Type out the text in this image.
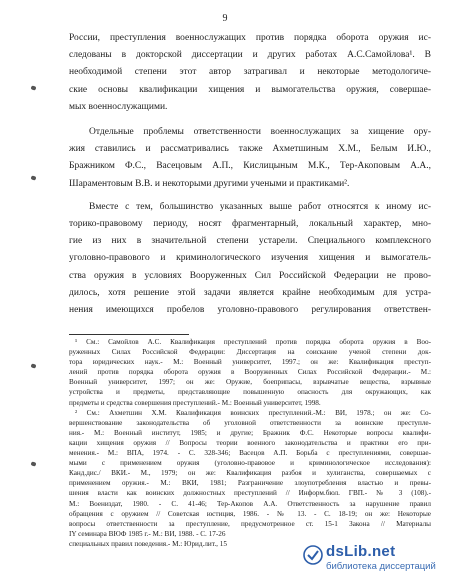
9

России, преступления военнослужащих против порядка оборота оружия ис-
следованы в докторской диссертации и других работах А.С.Самойлова¹. В
необходимой степени этот автор затрагивал и некоторые методологиче-
ские основы квалификации хищения и вымогательства оружия, совершае-
мых военнослужащими.

Отдельные проблемы ответственности военнослужащих за хищение ору-
жия ставились и рассматривались также Ахметшиным Х.М., Белым И.Ю.,
Бражником Ф.С., Васецовым А.П., Кислицыным М.К., Тер-Акоповым А.А.,
Шараментовым В.В. и некоторыми другими учеными и практиками².

Вместе с тем, большинство указанных выше работ относятся к иному ис-
торико-правовому периоду, носят фрагментарный, локальный характер, мно-
гие из них в значительной степени устарели. Специального комплексного
уголовно-правового и криминологического изучения хищения и вымогатель-
ства оружия в условиях Вооруженных Сил Российской Федерации не прово-
дилось, хотя решение этой задачи является крайне необходимым для устра-
нения имеющихся пробелов уголовно-правового регулирования ответствен-

¹ См.: Самойлов А.С. Квалификация преступлений против порядка оборота оружия в Воо-
руженных Силах Российской Федерации: Диссертация на соискание ученой степени док-
тора юридических наук.- М.: Военный университет, 1997.; он же: Квалификация преступ-
лений против порядка оборота оружия в Вооруженных Силах Российской Федерации.- М.:
Военный университет, 1997; он же: Оружие, боеприпасы, взрывчатые вещества, взрывные
устройства и предметы, представляющие повышенную опасность для окружающих, как
предметы и средства совершения преступлений.- М.: Военный университет, 1998.
² См.: Ахметшин Х.М. Квалификация воинских преступлений.-М.: ВИ, 1978.; он же: Со-
вершенствование законодательства об уголовной ответственности за воинские преступле-
ния.- М.: Военный институт, 1985; и другие; Бражник Ф.С. Некоторые вопросы квалифи-
кации хищения оружия // Вопросы теории военного законодательства и практики его при-
менения.- М.: ВПА, 1974. - С. 328-346; Васецов А.П. Борьба с преступлениями, совершае-
мыми с применением оружия (уголовно-правовое и криминологическое исследования):
Канд.дис./ ВКИ.- М., 1979; он же: Квалификация разбоя и хулиганства, совершаемых с
применением оружия.- М.: ВКИ, 1981; Разграничение злоупотребления властью и превы-
шения власти как воинских должностных преступлений // Информ.бюл. ГВП.- № 3 (108).-
М.: Воениздат, 1980. - С. 41-46; Тер-Акопов А.А. Ответственность за нарушение правил
обращения с оружием // Советская юстиция, 1986. - № 13. - С. 18-19; он же: Некоторые
вопросы ответственности за преступление, предусмотренное ст. 15-1 Закона // Материалы
IY семинара ВЮФ 1985 г.- М.: ВИ, 1988. - С. 17-26
специальных правил поведения.- М.: Юрид.лит., 15	dsLib.net
библиотека диссертаций
